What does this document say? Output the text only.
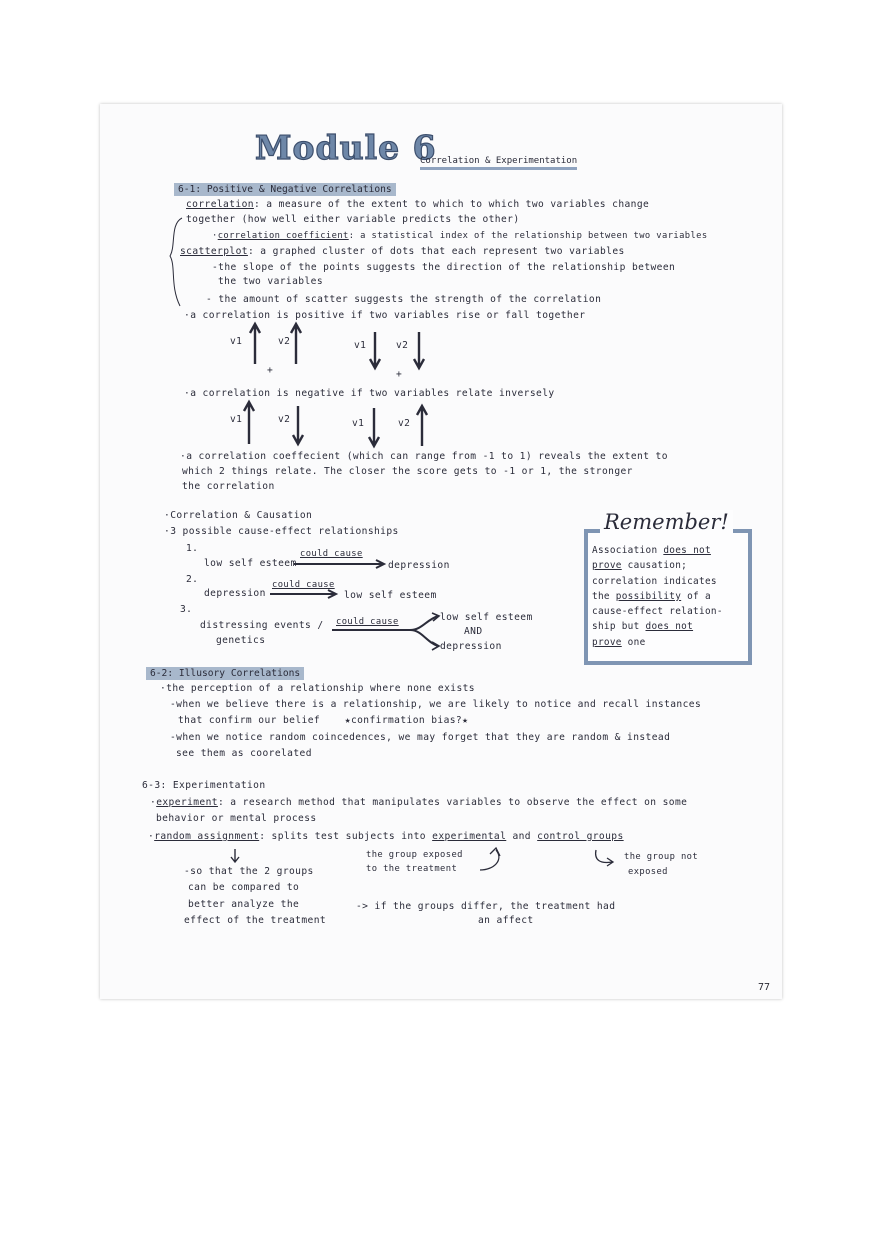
Module 6
Correlation & Experimentation
6-1: Positive & Negative Correlations
correlation: a measure of the extent to which to which two variables change
together (how well either variable predicts the other)
·correlation coefficient: a statistical index of the relationship between two variables
scatterplot: a graphed cluster of dots that each represent two variables
-the slope of the points suggests the direction of the relationship between
the two variables
- the amount of scatter suggests the strength of the correlation
·a correlation is positive if two variables rise or fall together
v1	v2
+
v1	v2
+
·a correlation is negative if two variables relate inversely
v1	v2	v1	v2
·a correlation coeffecient (which can range from -1 to 1) reveals the extent to
which 2 things relate. The closer the score gets to -1 or 1, the stronger
the correlation
·Correlation & Causation
·3 possible cause-effect relationships
1.
low self esteem
could cause
depression
2.
depression
could cause
low self esteem
3.
distressing events /
genetics
could cause	low self esteem
AND
depression
Remember!
Association does not
prove causation;
correlation indicates
the possibility of a
cause-effect relation-
ship but does not
prove one
6-2: Illusory Correlations
·the perception of a relationship where none exists
-when we believe there is a relationship, we are likely to notice and recall instances
that confirm our belief    ★confirmation bias?★
-when we notice random coincedences, we may forget that they are random & instead
see them as coorelated
6-3: Experimentation
·experiment: a research method that manipulates variables to observe the effect on some
behavior or mental process
·random assignment: splits test subjects into experimental and control groups
-so that the 2 groups
can be compared to
better analyze the
effect of the treatment
the group exposed
to the treatment
the group not
exposed
-> if the groups differ, the treatment had
an affect
77
